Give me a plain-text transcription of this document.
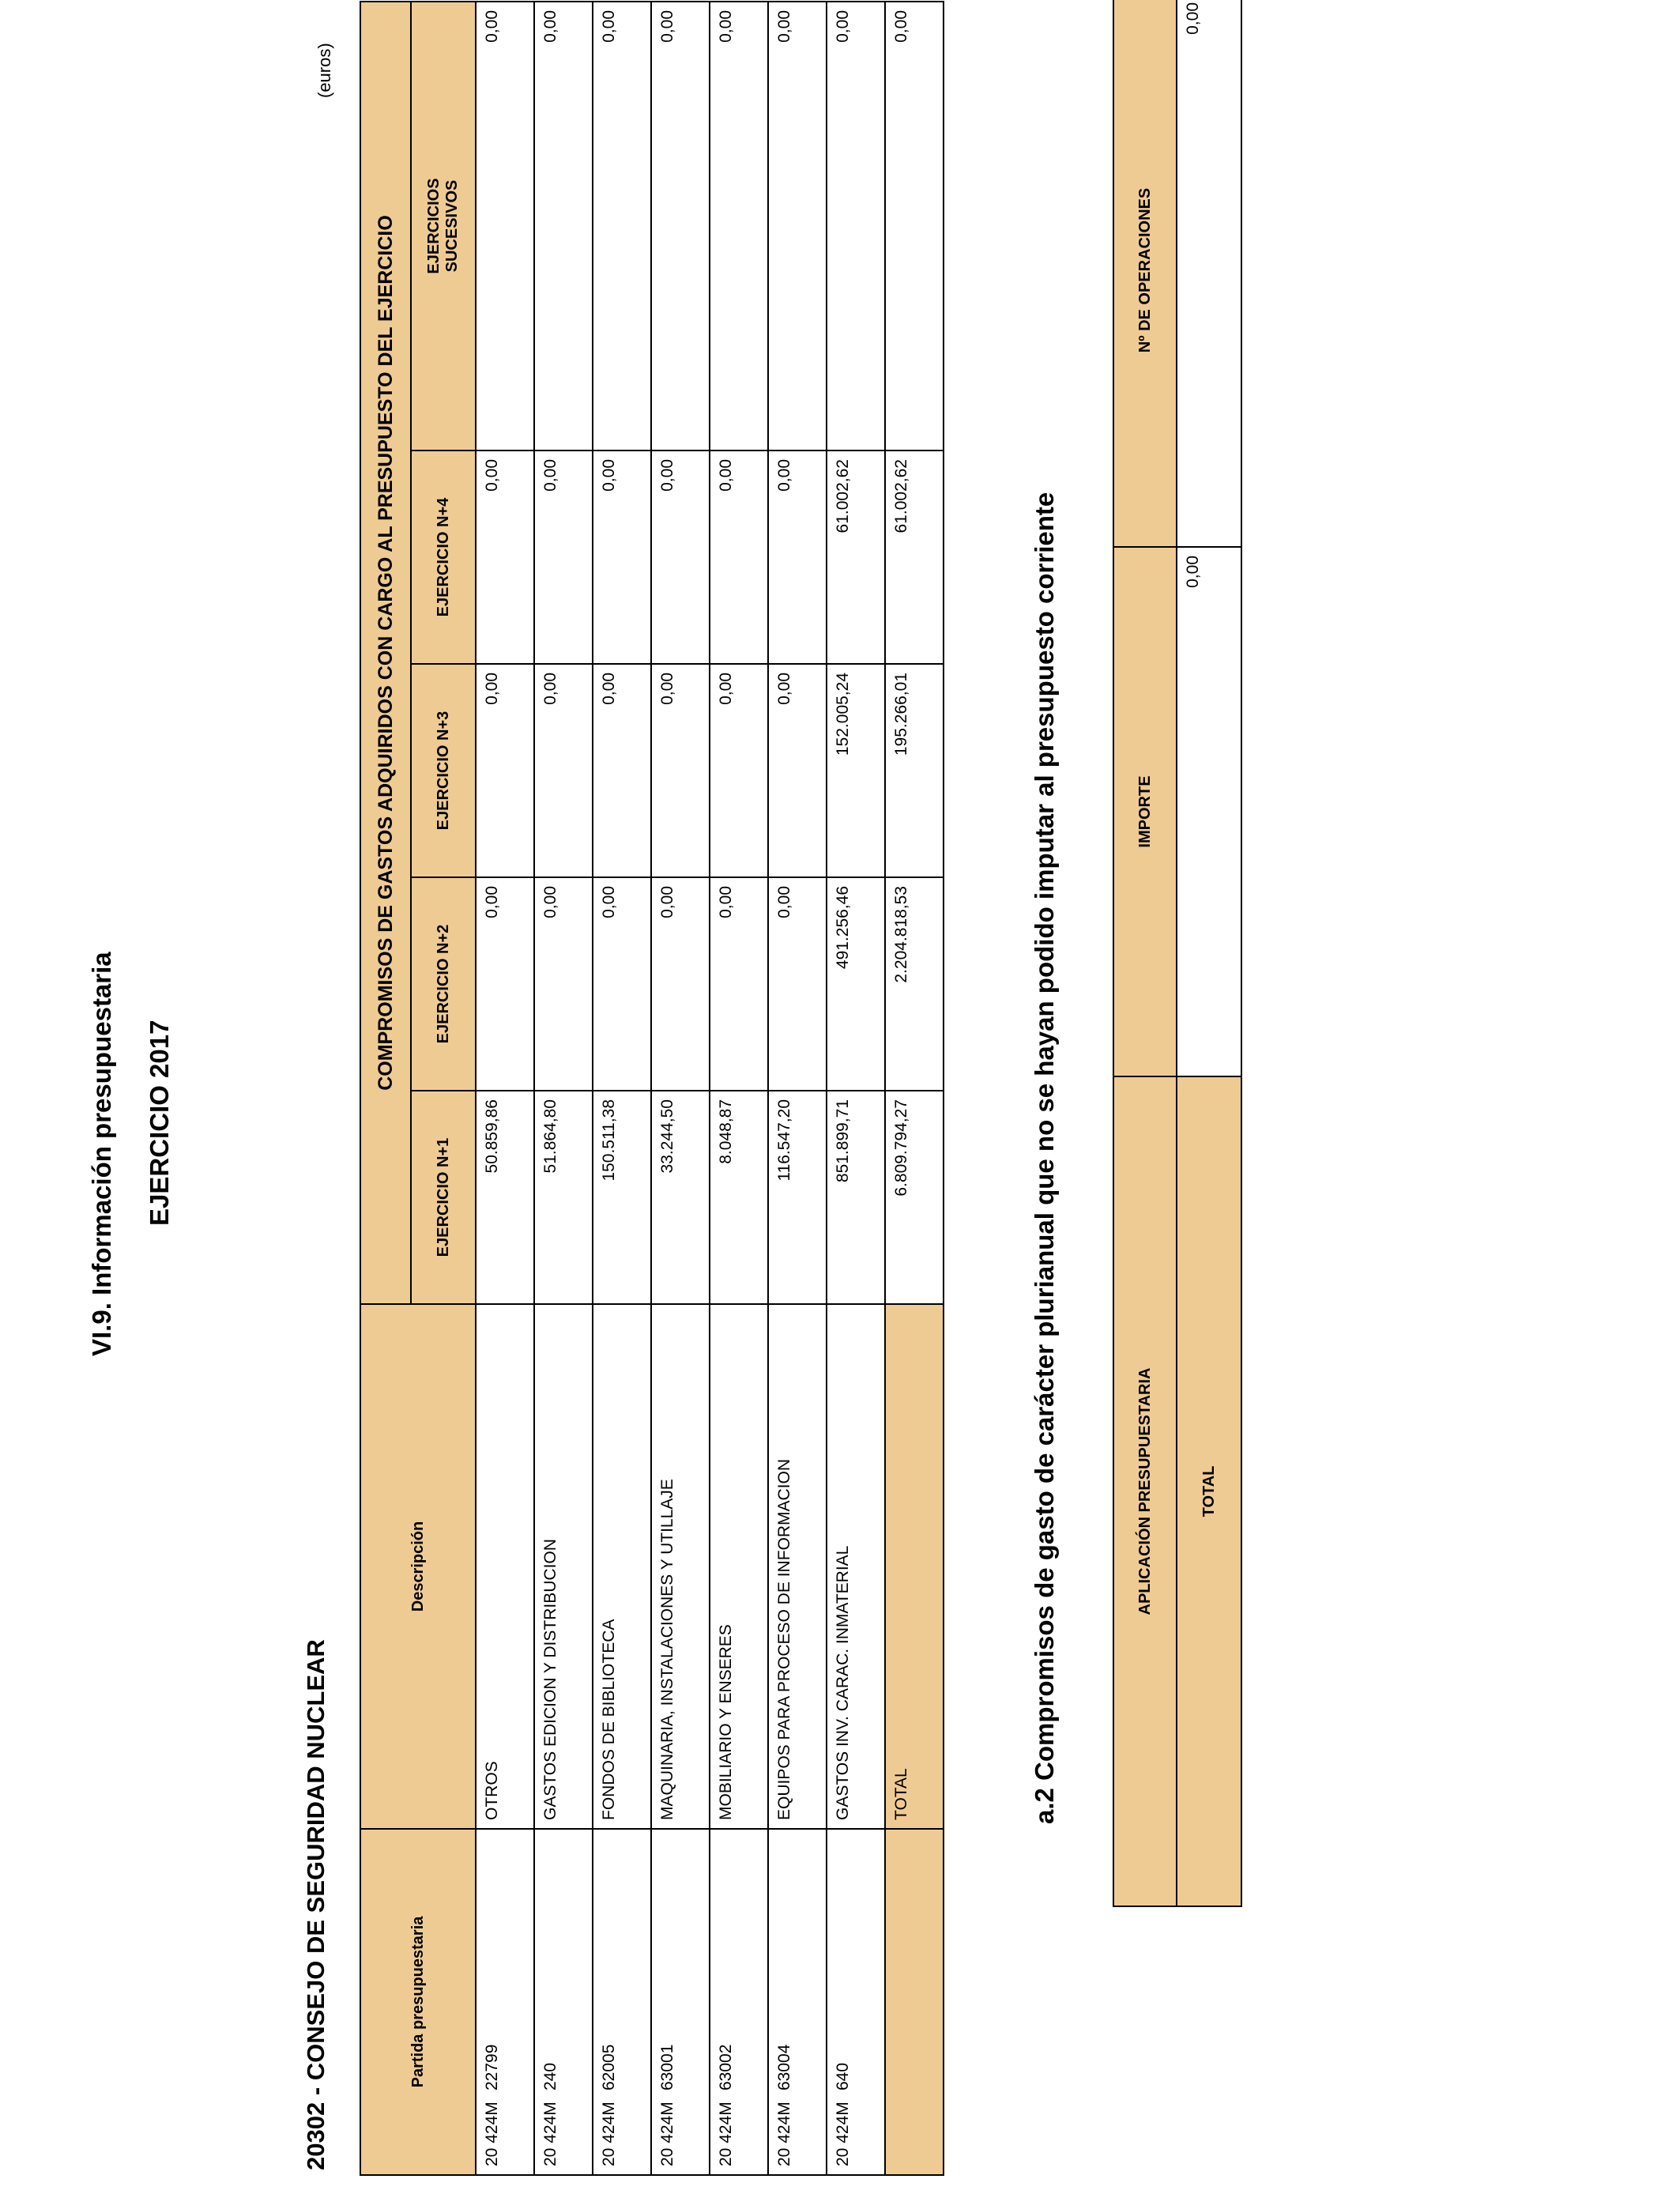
VI.9. Información presupuestaria EJERCICIO 2017
20302 - CONSEJO DE SEGURIDAD NUCLEAR
(euros)
Partida presupuestaria	Descripción	COMPROMISOS DE GASTOS ADQUIRIDOS CON CARGO AL PRESUPUESTO DEL EJERCICIO				
		EJERCICIO N+1	EJERCICIO N+2	EJERCICIO N+3	EJERCICIO N+4	EJERCICIOS SUCESIVOS

20 424M22799	OTROS	50.859,86	0,00	0,00	0,00	0,00
20 424M240	GASTOS EDICION Y DISTRIBUCION	51.864,80	0,00	0,00	0,00	0,00
20 424M62005	FONDOS DE BIBLIOTECA	150.511,38	0,00	0,00	0,00	0,00
20 424M63001	MAQUINARIA, INSTALACIONES Y UTILLAJE	33.244,50	0,00	0,00	0,00	0,00
20 424M63002	MOBILIARIO Y ENSERES	8.048,87	0,00	0,00	0,00	0,00
20 424M63004	EQUIPOS PARA PROCESO DE INFORMACION	116.547,20	0,00	0,00	0,00	0,00
20 424M640	GASTOS INV. CARAC. INMATERIAL	851.899,71	491.256,46	152.005,24	61.002,62	0,00
	TOTAL	6.809.794,27	2.204.818,53	195.266,01	61.002,62	0,00
a.2 Compromisos de gasto de carácter plurianual que no se hayan podido imputar al presupuesto corriente	APLICACIÓN PRESUPUESTARIA	IMPORTE	Nº DE OPERACIONES
TOTAL	0,00	0,00
